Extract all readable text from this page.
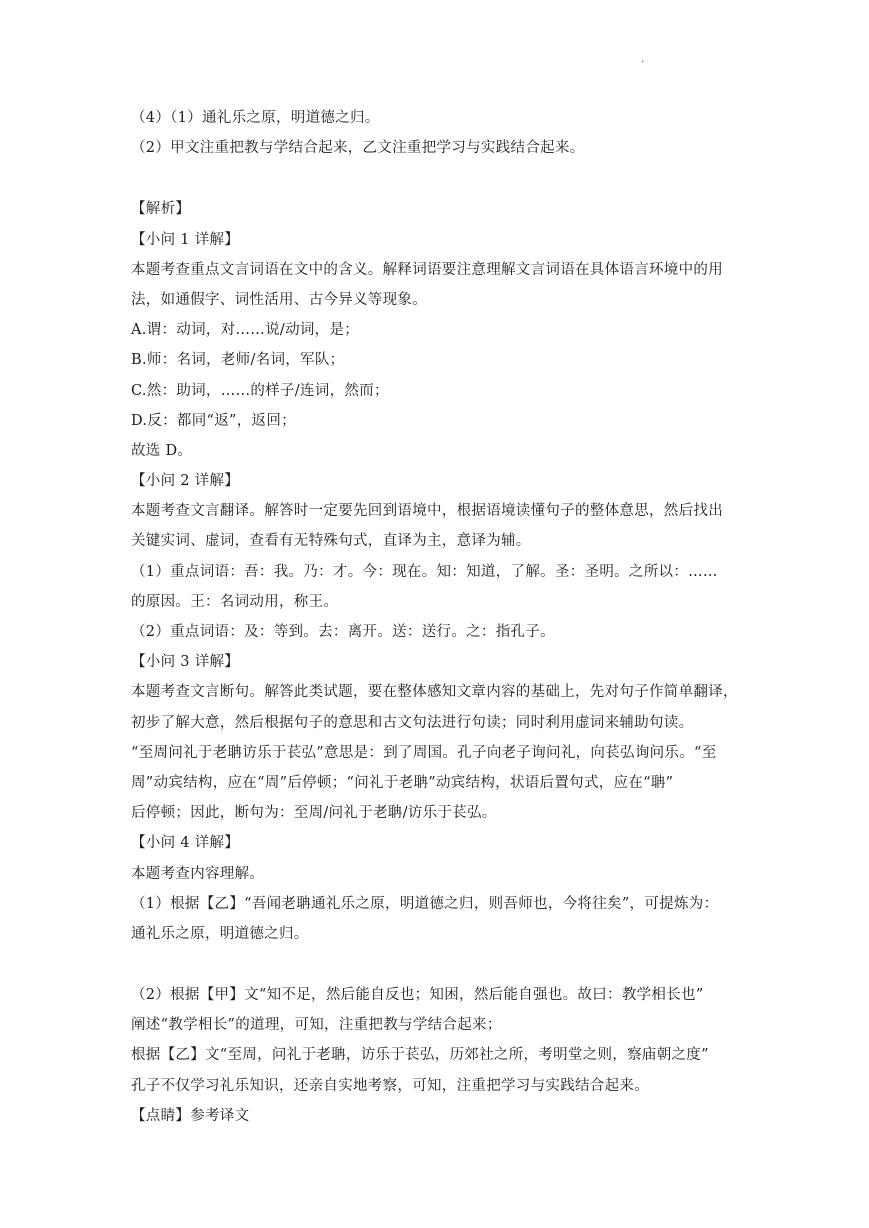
·
（4）（1）通礼乐之原，明道德之归。
（2）甲文注重把教与学结合起来，乙文注重把学习与实践结合起来。
【解析】
【小问 1 详解】
本题考查重点文言词语在文中的含义。解释词语要注意理解文言词语在具体语言环境中的用
法，如通假字、词性活用、古今异义等现象。
A.谓：动词，对……说/动词，是；
B.师：名词，老师/名词，军队；
C.然：助词，……的样子/连词，然而；
D.反：都同“返”，返回；
故选 D。
【小问 2 详解】
本题考查文言翻译。解答时一定要先回到语境中，根据语境读懂句子的整体意思，然后找出
关键实词、虚词，查看有无特殊句式，直译为主，意译为辅。
（1）重点词语：吾：我。乃：才。今：现在。知：知道，了解。圣：圣明。之所以：……
的原因。王：名词动用，称王。
（2）重点词语：及：等到。去：离开。送：送行。之：指孔子。
【小问 3 详解】
本题考查文言断句。解答此类试题，要在整体感知文章内容的基础上，先对句子作简单翻译，
初步了解大意，然后根据句子的意思和古文句法进行句读；同时利用虚词来辅助句读。
“至周问礼于老聃访乐于苌弘”意思是：到了周国。孔子向老子询问礼，向苌弘询问乐。“至
周”动宾结构，应在“周”后停顿；“问礼于老聃”动宾结构，状语后置句式，应在“聃”
后停顿；因此，断句为：至周/问礼于老聃/访乐于苌弘。
【小问 4 详解】
本题考查内容理解。
（1）根据【乙】“吾闻老聃通礼乐之原，明道德之归，则吾师也，今将往矣”，可提炼为：
通礼乐之原，明道德之归。
（2）根据【甲】文“知不足，然后能自反也；知困，然后能自强也。故曰：教学相长也”
阐述“教学相长”的道理，可知，注重把教与学结合起来；
根据【乙】文“至周，问礼于老聃，访乐于苌弘，历郊社之所，考明堂之则，察庙朝之度”
孔子不仅学习礼乐知识，还亲自实地考察，可知，注重把学习与实践结合起来。
【点睛】参考译文
